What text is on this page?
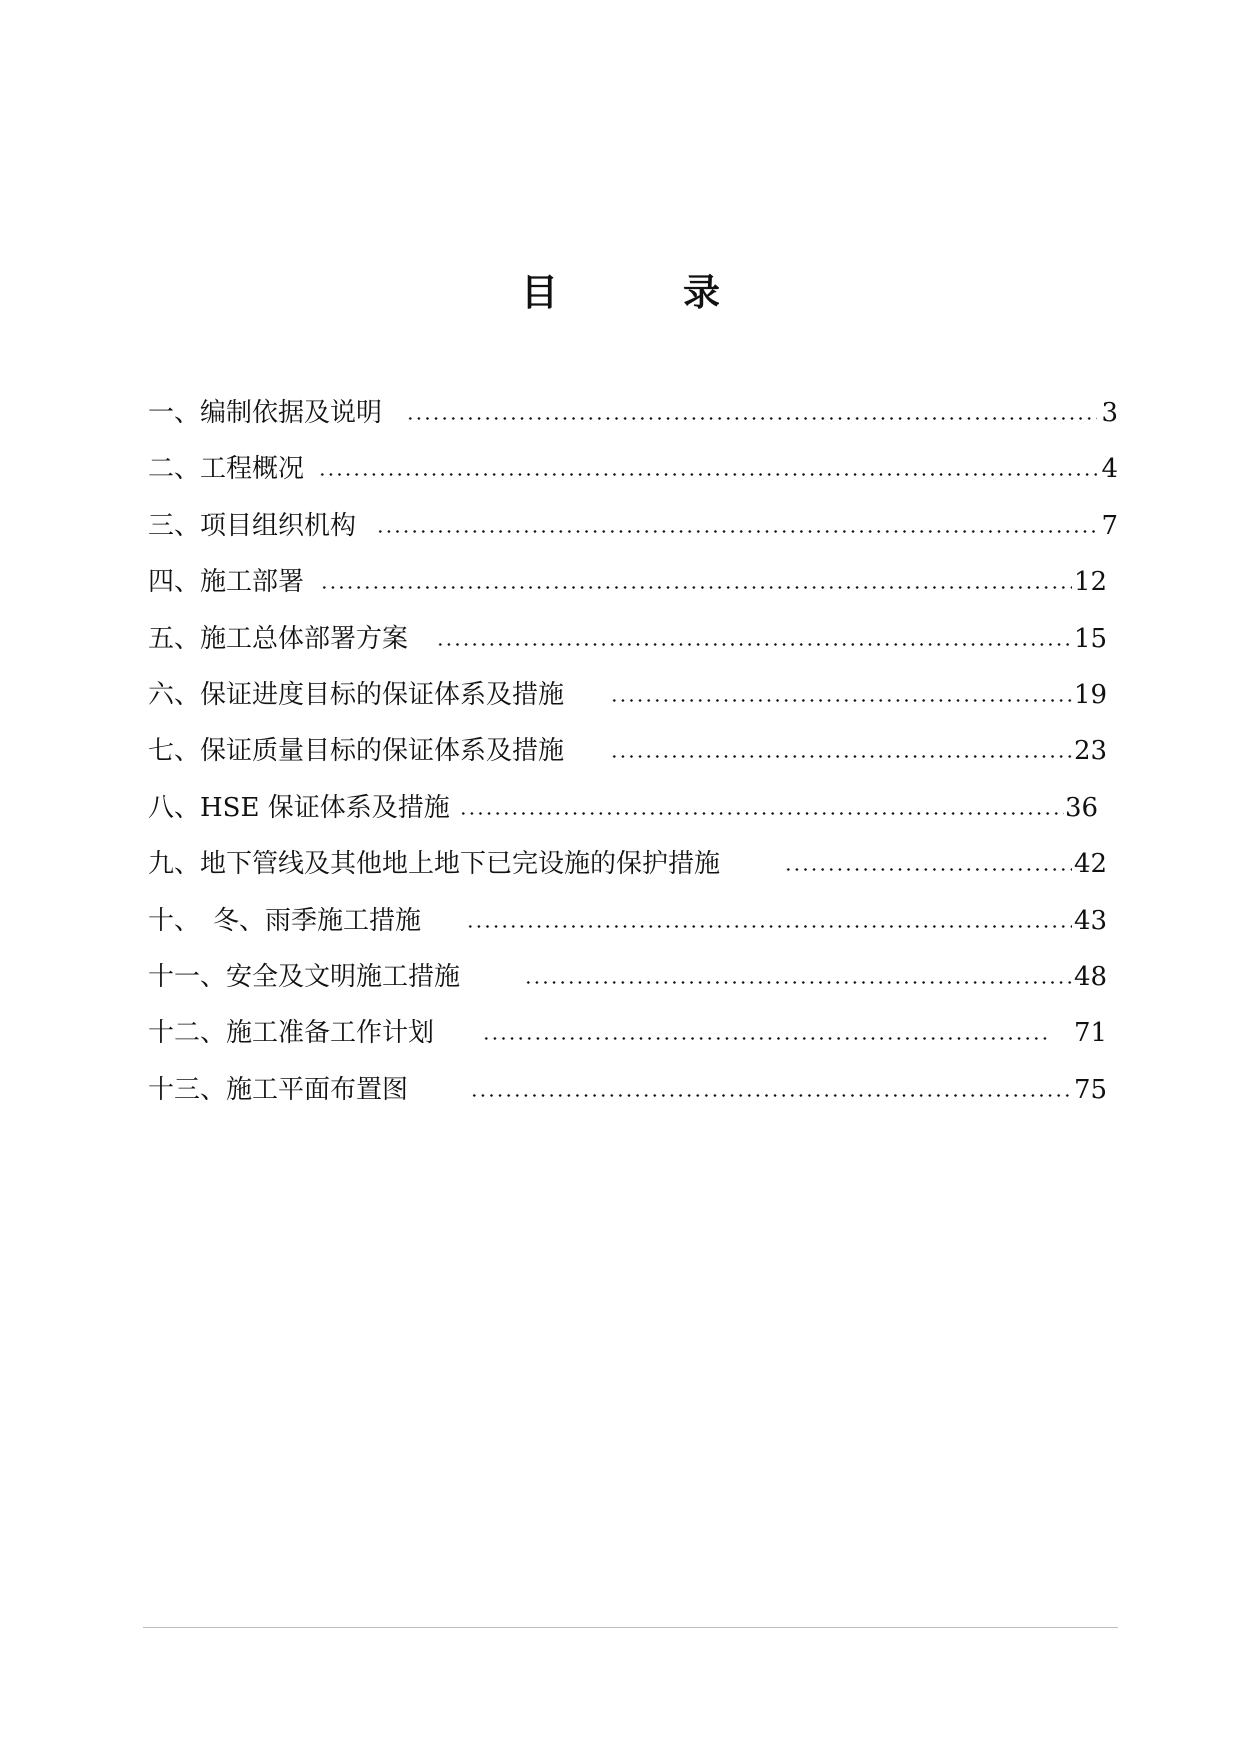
目　录
一、编制依据及说明	3
二、工程概况	4
三、项目组织机构	7
四、施工部署	12
五、施工总体部署方案	15
六、保证进度目标的保证体系及措施	19
七、保证质量目标的保证体系及措施	23
八、HSE 保证体系及措施	36
九、地下管线及其他地上地下已完设施的保护措施	42
十、　冬、雨季施工措施	43
十一、安全及文明施工措施	48
十二、施工准备工作计划	71
十三、施工平面布置图	75
